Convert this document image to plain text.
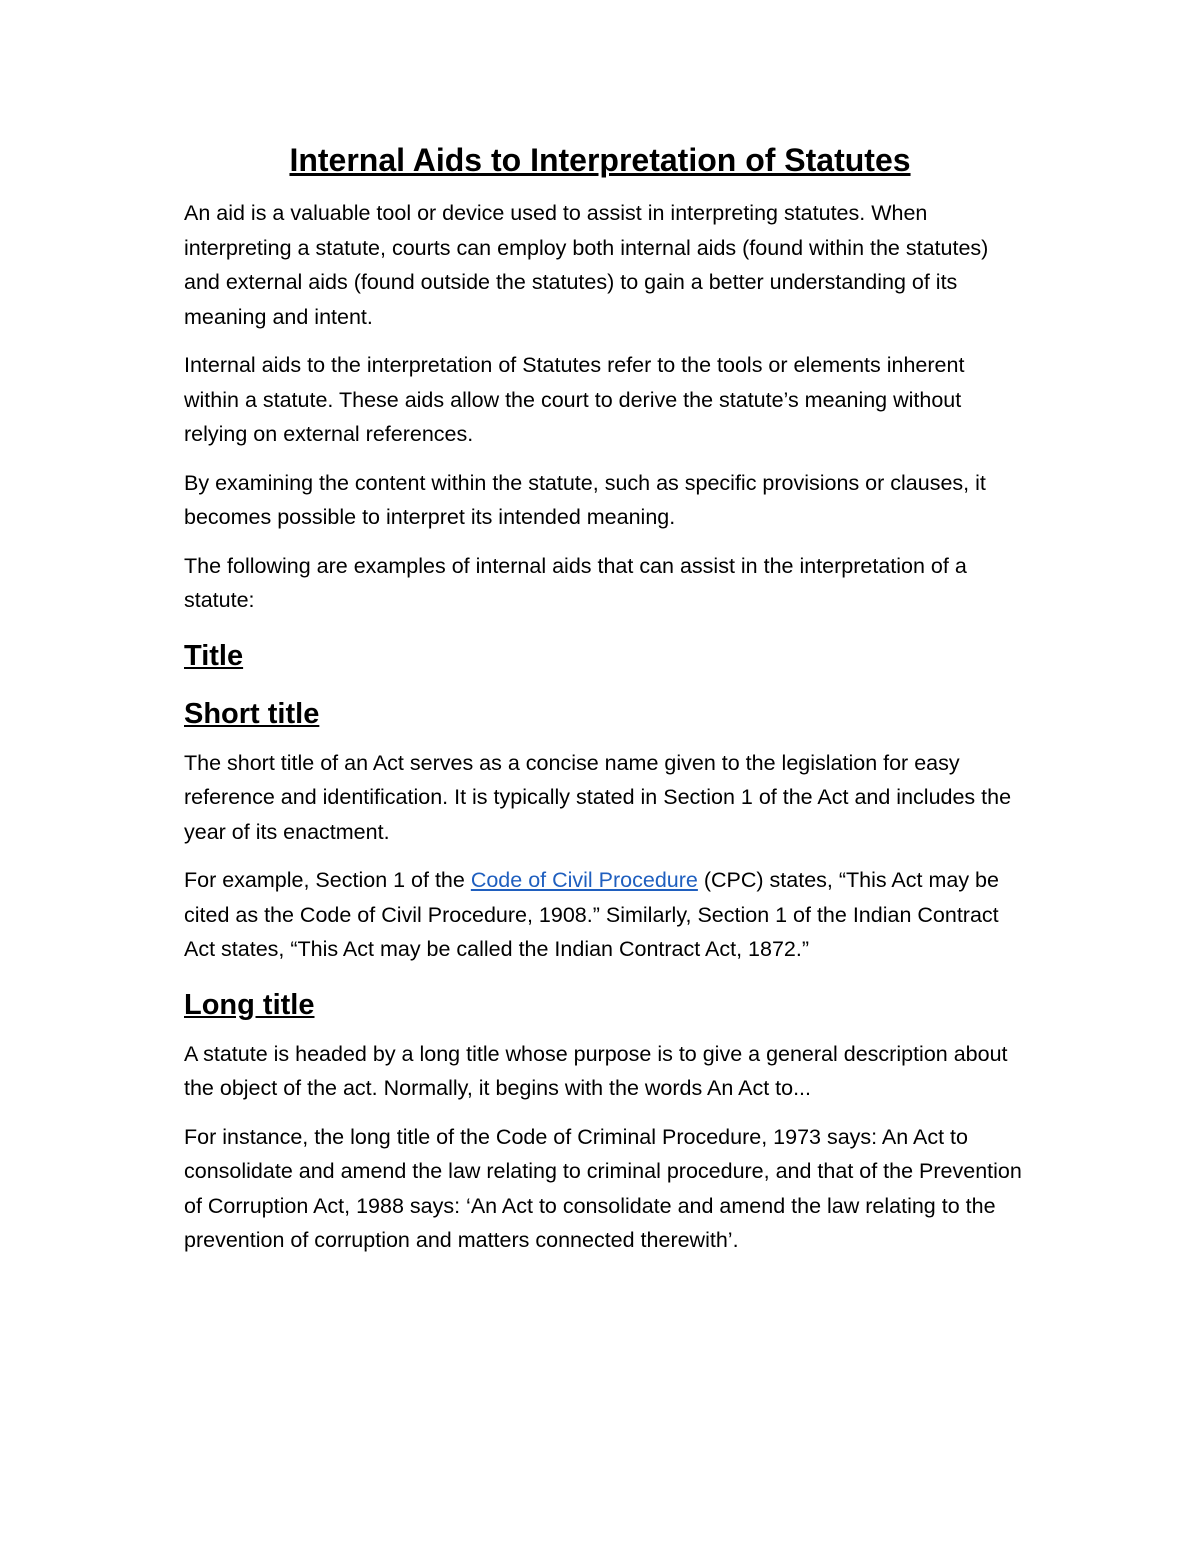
Internal Aids to Interpretation of Statutes

An aid is a valuable tool or device used to assist in interpreting statutes. When interpreting a statute, courts can employ both internal aids (found within the statutes) and external aids (found outside the statutes) to gain a better understanding of its meaning and intent.

Internal aids to the interpretation of Statutes refer to the tools or elements inherent within a statute. These aids allow the court to derive the statute’s meaning without relying on external references.

By examining the content within the statute, such as specific provisions or clauses, it becomes possible to interpret its intended meaning.

The following are examples of internal aids that can assist in the interpretation of a statute:

Title
Short title

The short title of an Act serves as a concise name given to the legislation for easy reference and identification. It is typically stated in Section 1 of the Act and includes the year of its enactment.

For example, Section 1 of the Code of Civil Procedure (CPC) states, “This Act may be cited as the Code of Civil Procedure, 1908.” Similarly, Section 1 of the Indian Contract Act states, “This Act may be called the Indian Contract Act, 1872.”

Long title

A statute is headed by a long title whose purpose is to give a general description about the object of the act. Normally, it begins with the words An Act to...

For instance, the long title of the Code of Criminal Procedure, 1973 says: An Act to consolidate and amend the law relating to criminal procedure, and that of the Prevention of Corruption Act, 1988 says: ‘An Act to consolidate and amend the law relating to the prevention of corruption and matters connected therewith’.
